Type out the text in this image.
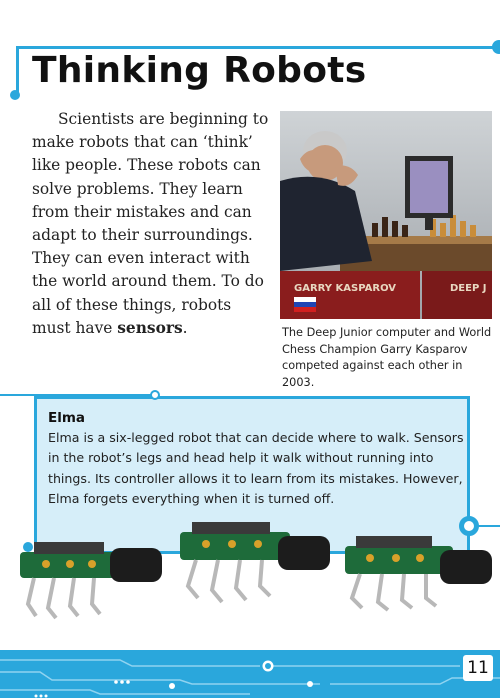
Thinking Robots

Scientists are beginning to make robots that can ‘think’ like people. These robots can solve problems. They learn from their mistakes and can adapt to their surroundings. They can even interact with the world around them. To do all of these things, robots must have sensors.

GARRY KASPAROV	DEEP J
The Deep Junior computer and World Chess Champion Garry Kasparov competed against each other in 2003.
Elma
Elma is a six-legged robot that can decide where to walk. Sensors in the robot’s legs and head help it walk without running into things. Its controller allows it to learn from its mistakes. However, Elma forgets everything when it is turned off.
11
